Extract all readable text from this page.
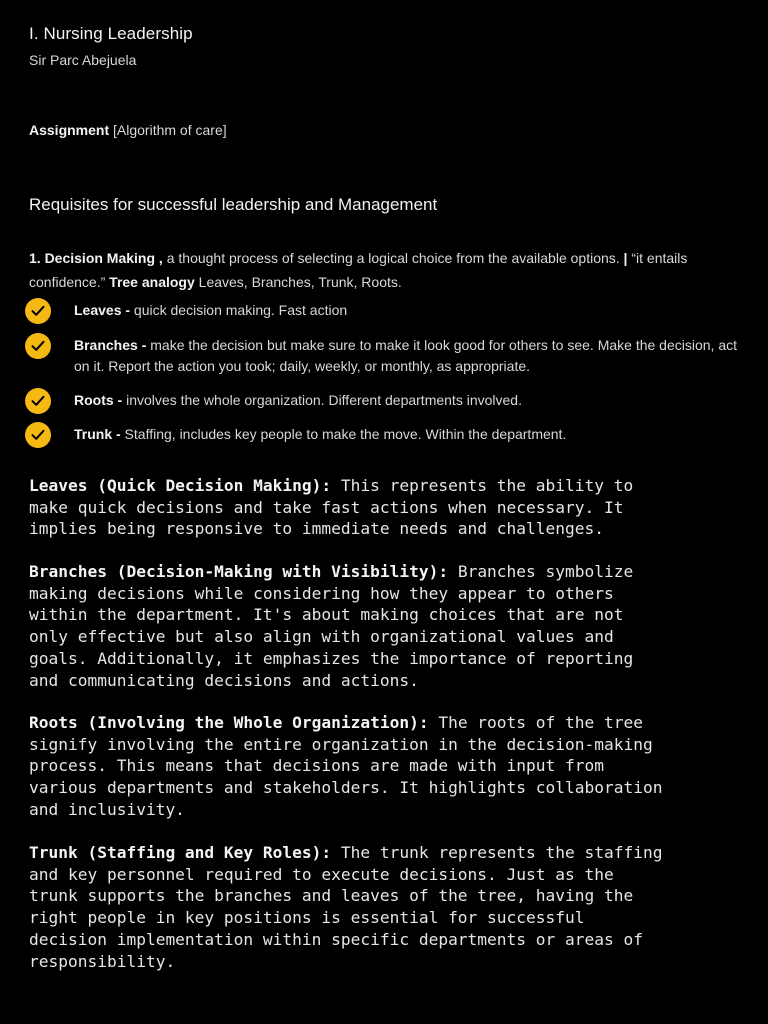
I. Nursing Leadership
Sir Parc Abejuela
Assignment [Algorithm of care]
Requisites for successful leadership and Management
1. Decision Making , a thought process of selecting a logical choice from the available options. | “it entails confidence.” Tree analogy Leaves, Branches, Trunk, Roots.
Leaves - quick decision making. Fast action
Branches - make the decision but make sure to make it look good for others to see. Make the decision, act on it. Report the action you took; daily, weekly, or monthly, as appropriate.
Roots - involves the whole organization. Different departments involved.
Trunk - Staffing, includes key people to make the move. Within the department.
Leaves (Quick Decision Making): This represents the ability to
make quick decisions and take fast actions when necessary. It
implies being responsive to immediate needs and challenges.
Branches (Decision-Making with Visibility): Branches symbolize
making decisions while considering how they appear to others
within the department. It's about making choices that are not
only effective but also align with organizational values and
goals. Additionally, it emphasizes the importance of reporting
and communicating decisions and actions.
Roots (Involving the Whole Organization): The roots of the tree
signify involving the entire organization in the decision-making
process. This means that decisions are made with input from
various departments and stakeholders. It highlights collaboration
and inclusivity.
Trunk (Staffing and Key Roles): The trunk represents the staffing
and key personnel required to execute decisions. Just as the
trunk supports the branches and leaves of the tree, having the
right people in key positions is essential for successful
decision implementation within specific departments or areas of
responsibility.
